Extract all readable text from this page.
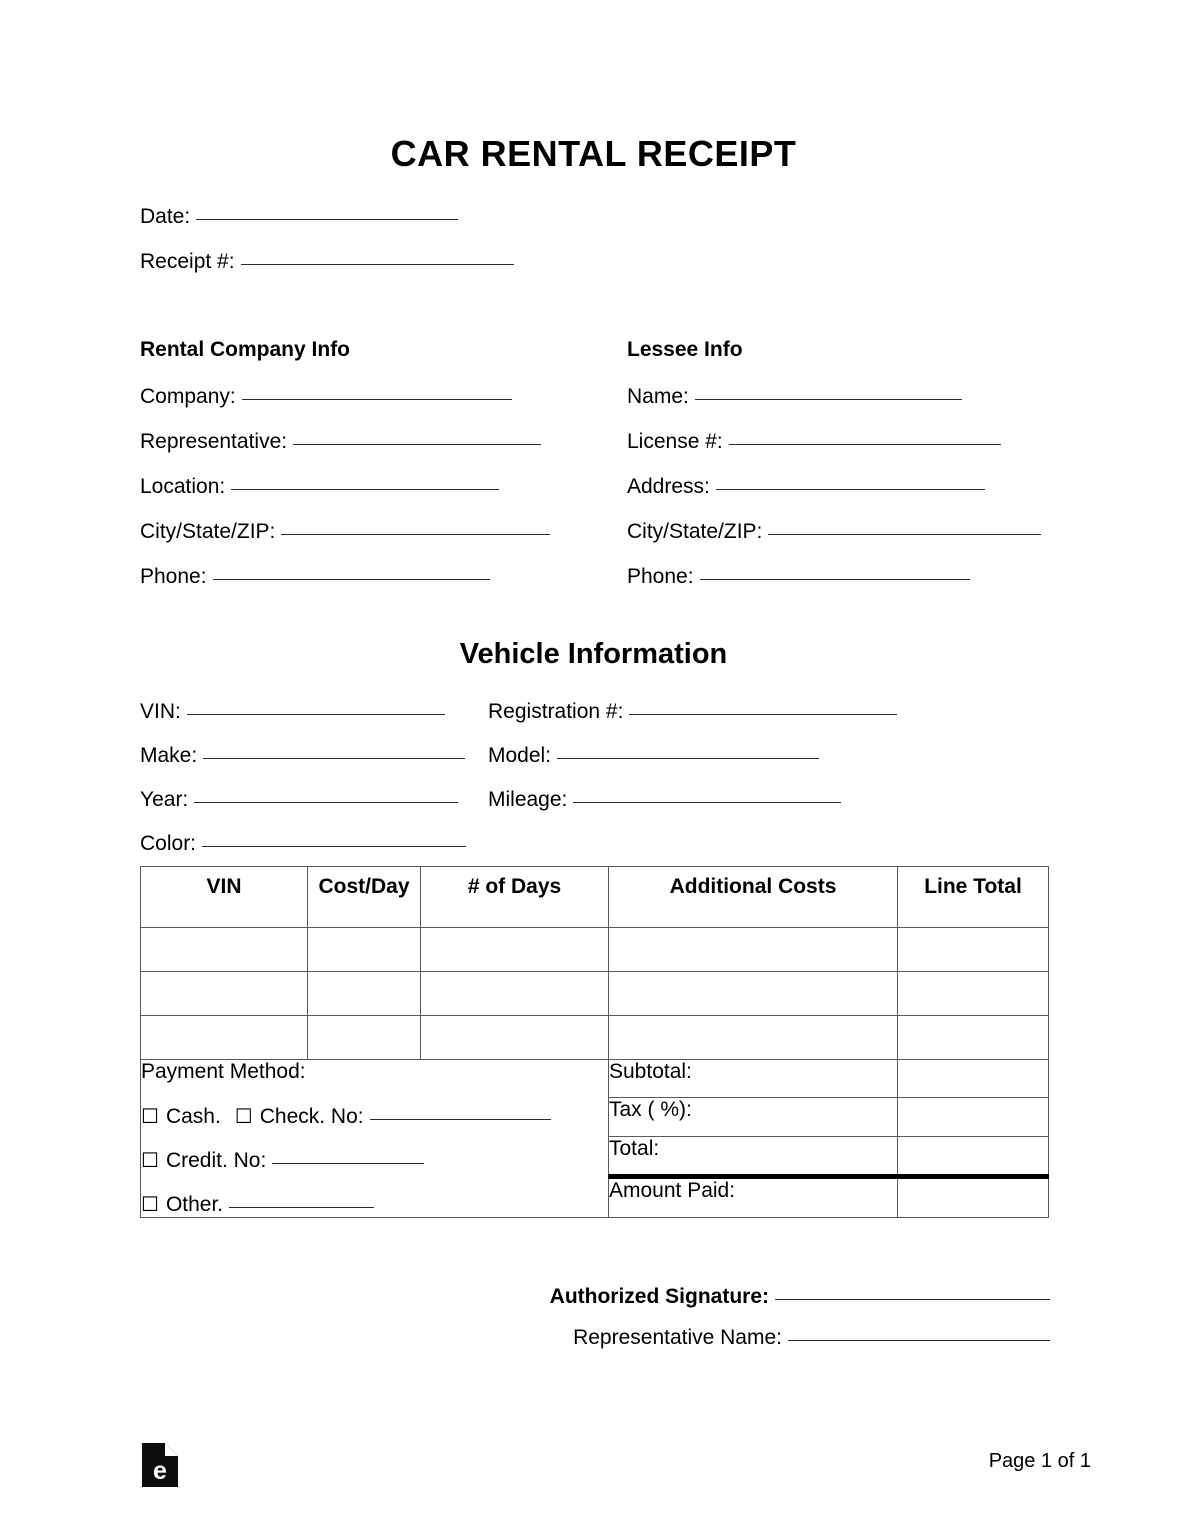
CAR RENTAL RECEIPT
Date:
Receipt #:
Rental Company Info
Company:
Representative:
Location:
City/State/ZIP:
Phone:
Lessee Info
Name:
License #:
Address:
City/State/ZIP:
Phone:
Vehicle Information
VIN:	Registration #:
Make:	Model:
Year:	Mileage:
Color:
VIN	Cost/Day	# of Days	Additional Costs	Line Total

Payment Method:
☐ Cash. ☐ Check. No:
☐ Credit. No:
☐ Other.
	Subtotal:	
			Tax ( %):	
			Total:	
			Amount Paid:	
Authorized Signature:
Representative Name:
e	Page 1 of 1
